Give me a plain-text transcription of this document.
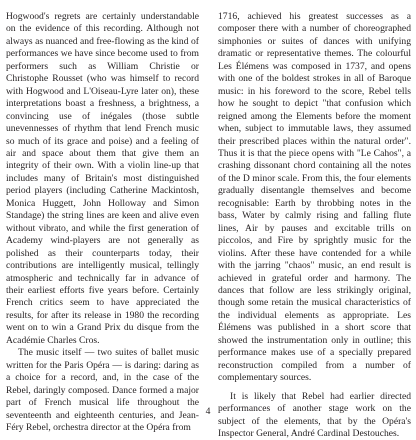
Hogwood's regrets are certainly understandable on the evidence of this recording. Although not always as nuanced and free-flowing as the kind of performances we have since become used to from performers such as William Christie or Christophe Rousset (who was himself to record with Hogwood and L'Oiseau-Lyre later on), these interpretations boast a freshness, a brightness, a convincing use of inégales (those subtle unevennesses of rhythm that lend French music so much of its grace and poise) and a feeling of air and space about them that give them an integrity of their own. With a violin line-up that includes many of Britain's most distinguished period players (including Catherine Mackintosh, Monica Huggett, John Holloway and Simon Standage) the string lines are keen and alive even without vibrato, and while the first generation of Academy wind-players are not generally as polished as their counterparts today, their contributions are intelligently musical, tellingly atmospheric and technically far in advance of their earliest efforts five years before. Certainly French critics seem to have appreciated the results, for after its release in 1980 the recording went on to win a Grand Prix du disque from the Académie Charles Cros.

The music itself — two suites of ballet music written for the Paris Opéra — is daring: daring as a choice for a record, and, in the case of the Rebel, daringly composed. Dance formed a major part of French musical life throughout the seventeenth and eighteenth centuries, and Jean-Féry Rebel, orchestra director at the Opéra from

1716, achieved his greatest successes as a composer there with a number of choreographed simphonies or suites of dances with unifying dramatic or representative themes. The colourful Les Élémens was composed in 1737, and opens with one of the boldest strokes in all of Baroque music: in his foreword to the score, Rebel tells how he sought to depict "that confusion which reigned among the Elements before the moment when, subject to immutable laws, they assumed their prescribed places within the natural order". Thus it is that the piece opens with "Le Cahos", a crashing dissonant chord containing all the notes of the D minor scale. From this, the four elements gradually disentangle themselves and become recognisable: Earth by throbbing notes in the bass, Water by calmly rising and falling flute lines, Air by pauses and excitable trills on piccolos, and Fire by sprightly music for the violins. After these have contended for a while with the jarring "chaos" music, an end result is achieved in grateful order and harmony. The dances that follow are less strikingly original, though some retain the musical characteristics of the individual elements as appropriate. Les Élémens was published in a short score that showed the instrumentation only in outline; this performance makes use of a specially prepared reconstruction compiled from a number of complementary sources.

It is likely that Rebel had earlier directed performances of another stage work on the subject of the elements, that by the Opéra's Inspector General, André Cardinal Destouches.

4
